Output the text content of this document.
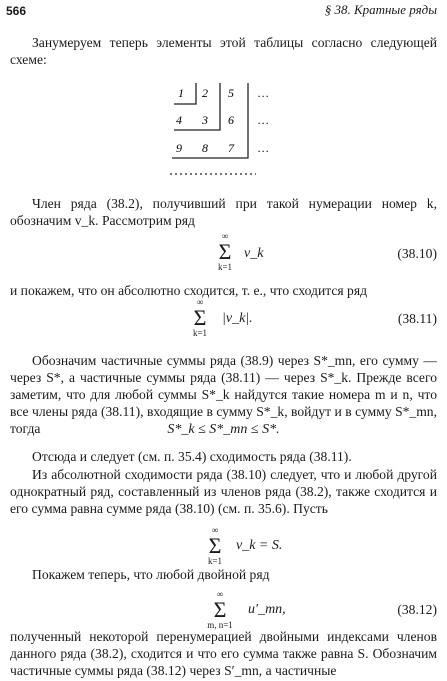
566	§ 38. Кратные ряды
Занумеруем теперь элементы этой таблицы согласно следующей схеме:
1 2 5 …
4 3 6 …
9 8 7 …
Член ряда (38.2), получивший при такой нумерации номер k, обозначим v_k. Рассмотрим ряд
∞
Σ
k=1
v_k	(38.10)
и покажем, что он абсолютно сходится, т. е., что сходится ряд
∞
Σ
k=1
|v_k|.	(38.11)
Обозначим частичные суммы ряда (38.9) через S*_mn, его сумму — через S*, а частичные суммы ряда (38.11) — через S*_k. Прежде всего заметим, что для любой суммы S*_k найдутся такие номера m и n, что все члены ряда (38.11), входящие в сумму S*_k, войдут и в сумму S*_mn, тогда	S*_k ≤ S*_mn ≤ S*.
Отсюда и следует (см. п. 35.4) сходимость ряда (38.11).
Из абсолютной сходимости ряда (38.10) следует, что и любой другой однократный ряд, составленный из членов ряда (38.2), также сходится и его сумма равна сумме ряда (38.10) (см. п. 35.6). Пусть
∞
Σ
k=1
v_k = S.
Покажем теперь, что любой двойной ряд
∞
Σ
m, n=1
u′_mn,	(38.12)
полученный некоторой перенумерацией двойными индексами членов данного ряда (38.2), сходится и что его сумма также равна S. Обозначим частичные суммы ряда (38.12) через S′_mn, а частичные
